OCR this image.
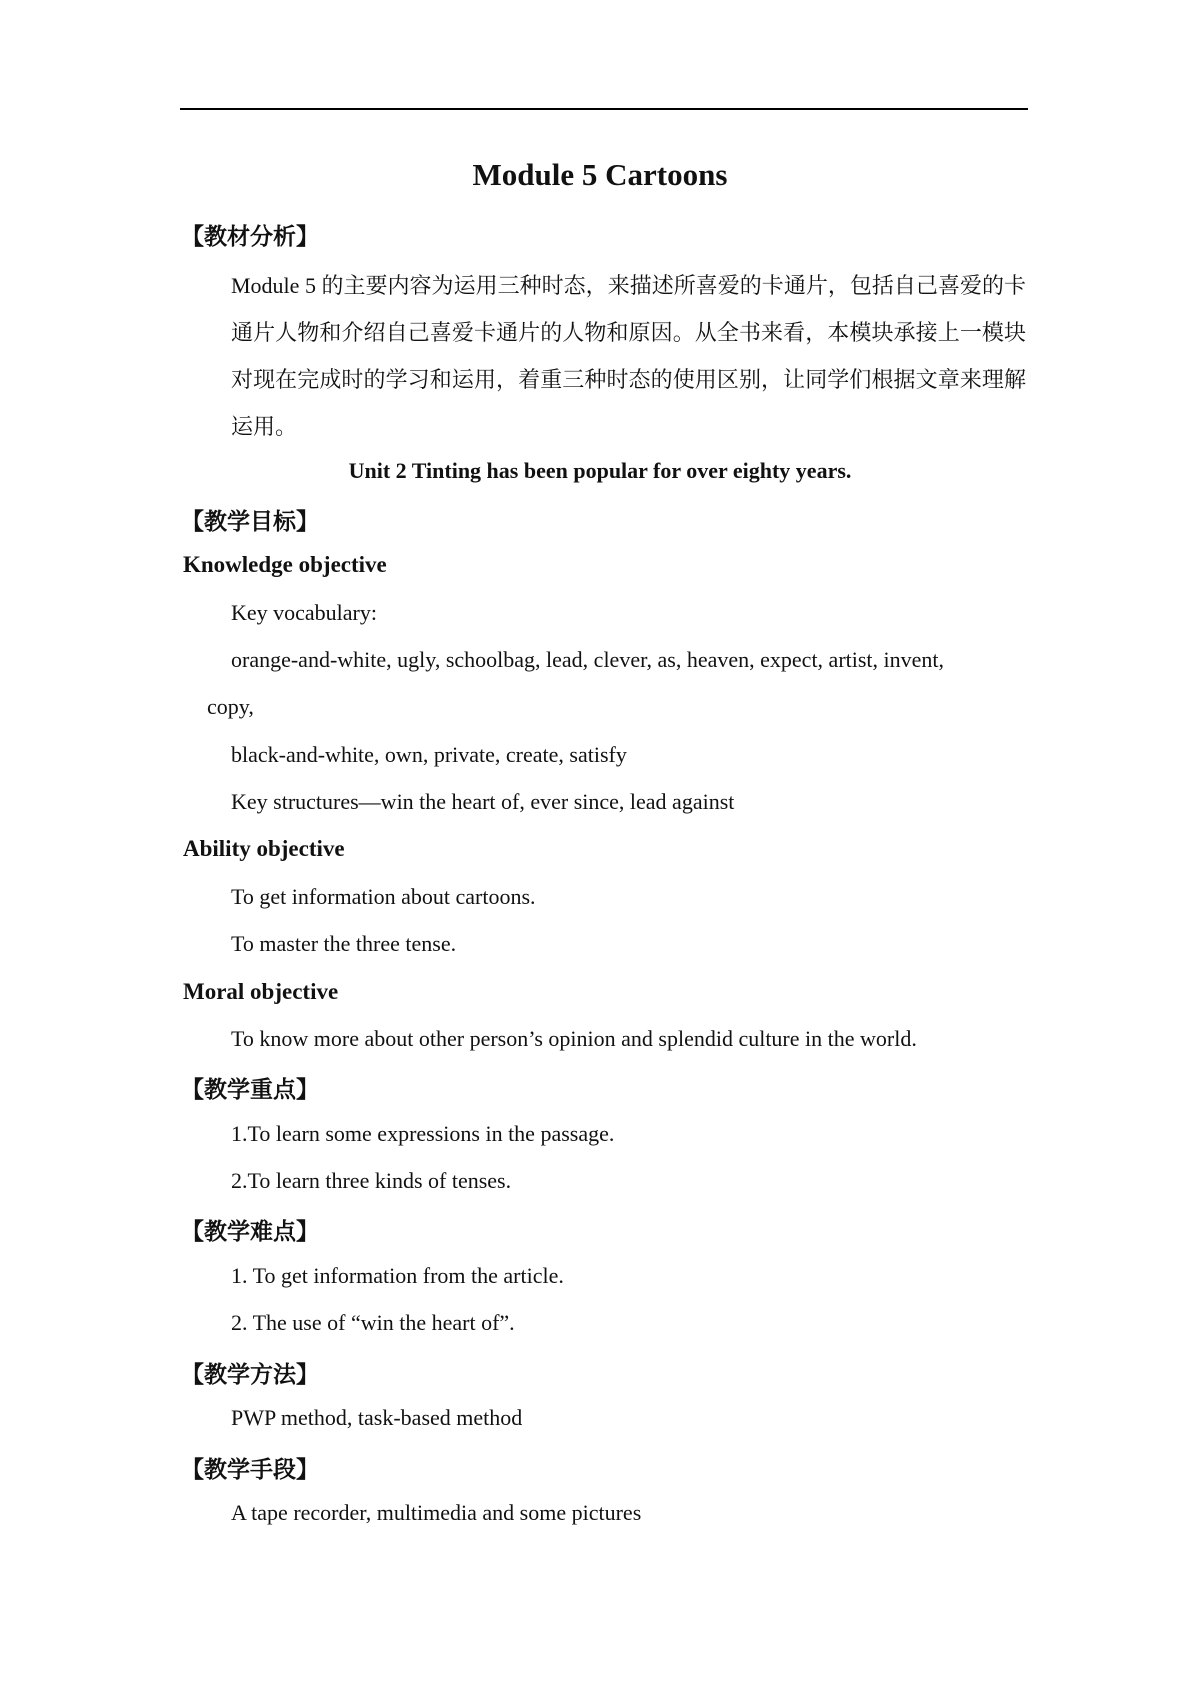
Module 5 Cartoons

【教材分析】

Module 5 的主要内容为运用三种时态，来描述所喜爱的卡通片，包括自己喜爱的卡通片人物和介绍自己喜爱卡通片的人物和原因。从全书来看，本模块承接上一模块对现在完成时的学习和运用，着重三种时态的使用区别，让同学们根据文章来理解运用。

Unit 2 Tinting has been popular for over eighty years.

【教学目标】

Knowledge objective

Key vocabulary:

orange-and-white, ugly, schoolbag, lead, clever, as, heaven, expect, artist, invent,

copy,

black-and-white, own, private, create, satisfy

Key structures—win the heart of, ever since, lead against

Ability objective

To get information about cartoons.

To master the three tense.

Moral objective

To know more about other person’s opinion and splendid culture in the world.

【教学重点】

1.To learn some expressions in the passage.

2.To learn three kinds of tenses.

【教学难点】

1. To get information from the article.

2. The use of “win the heart of”.

【教学方法】

PWP method, task-based method

【教学手段】

A tape recorder, multimedia and some pictures
